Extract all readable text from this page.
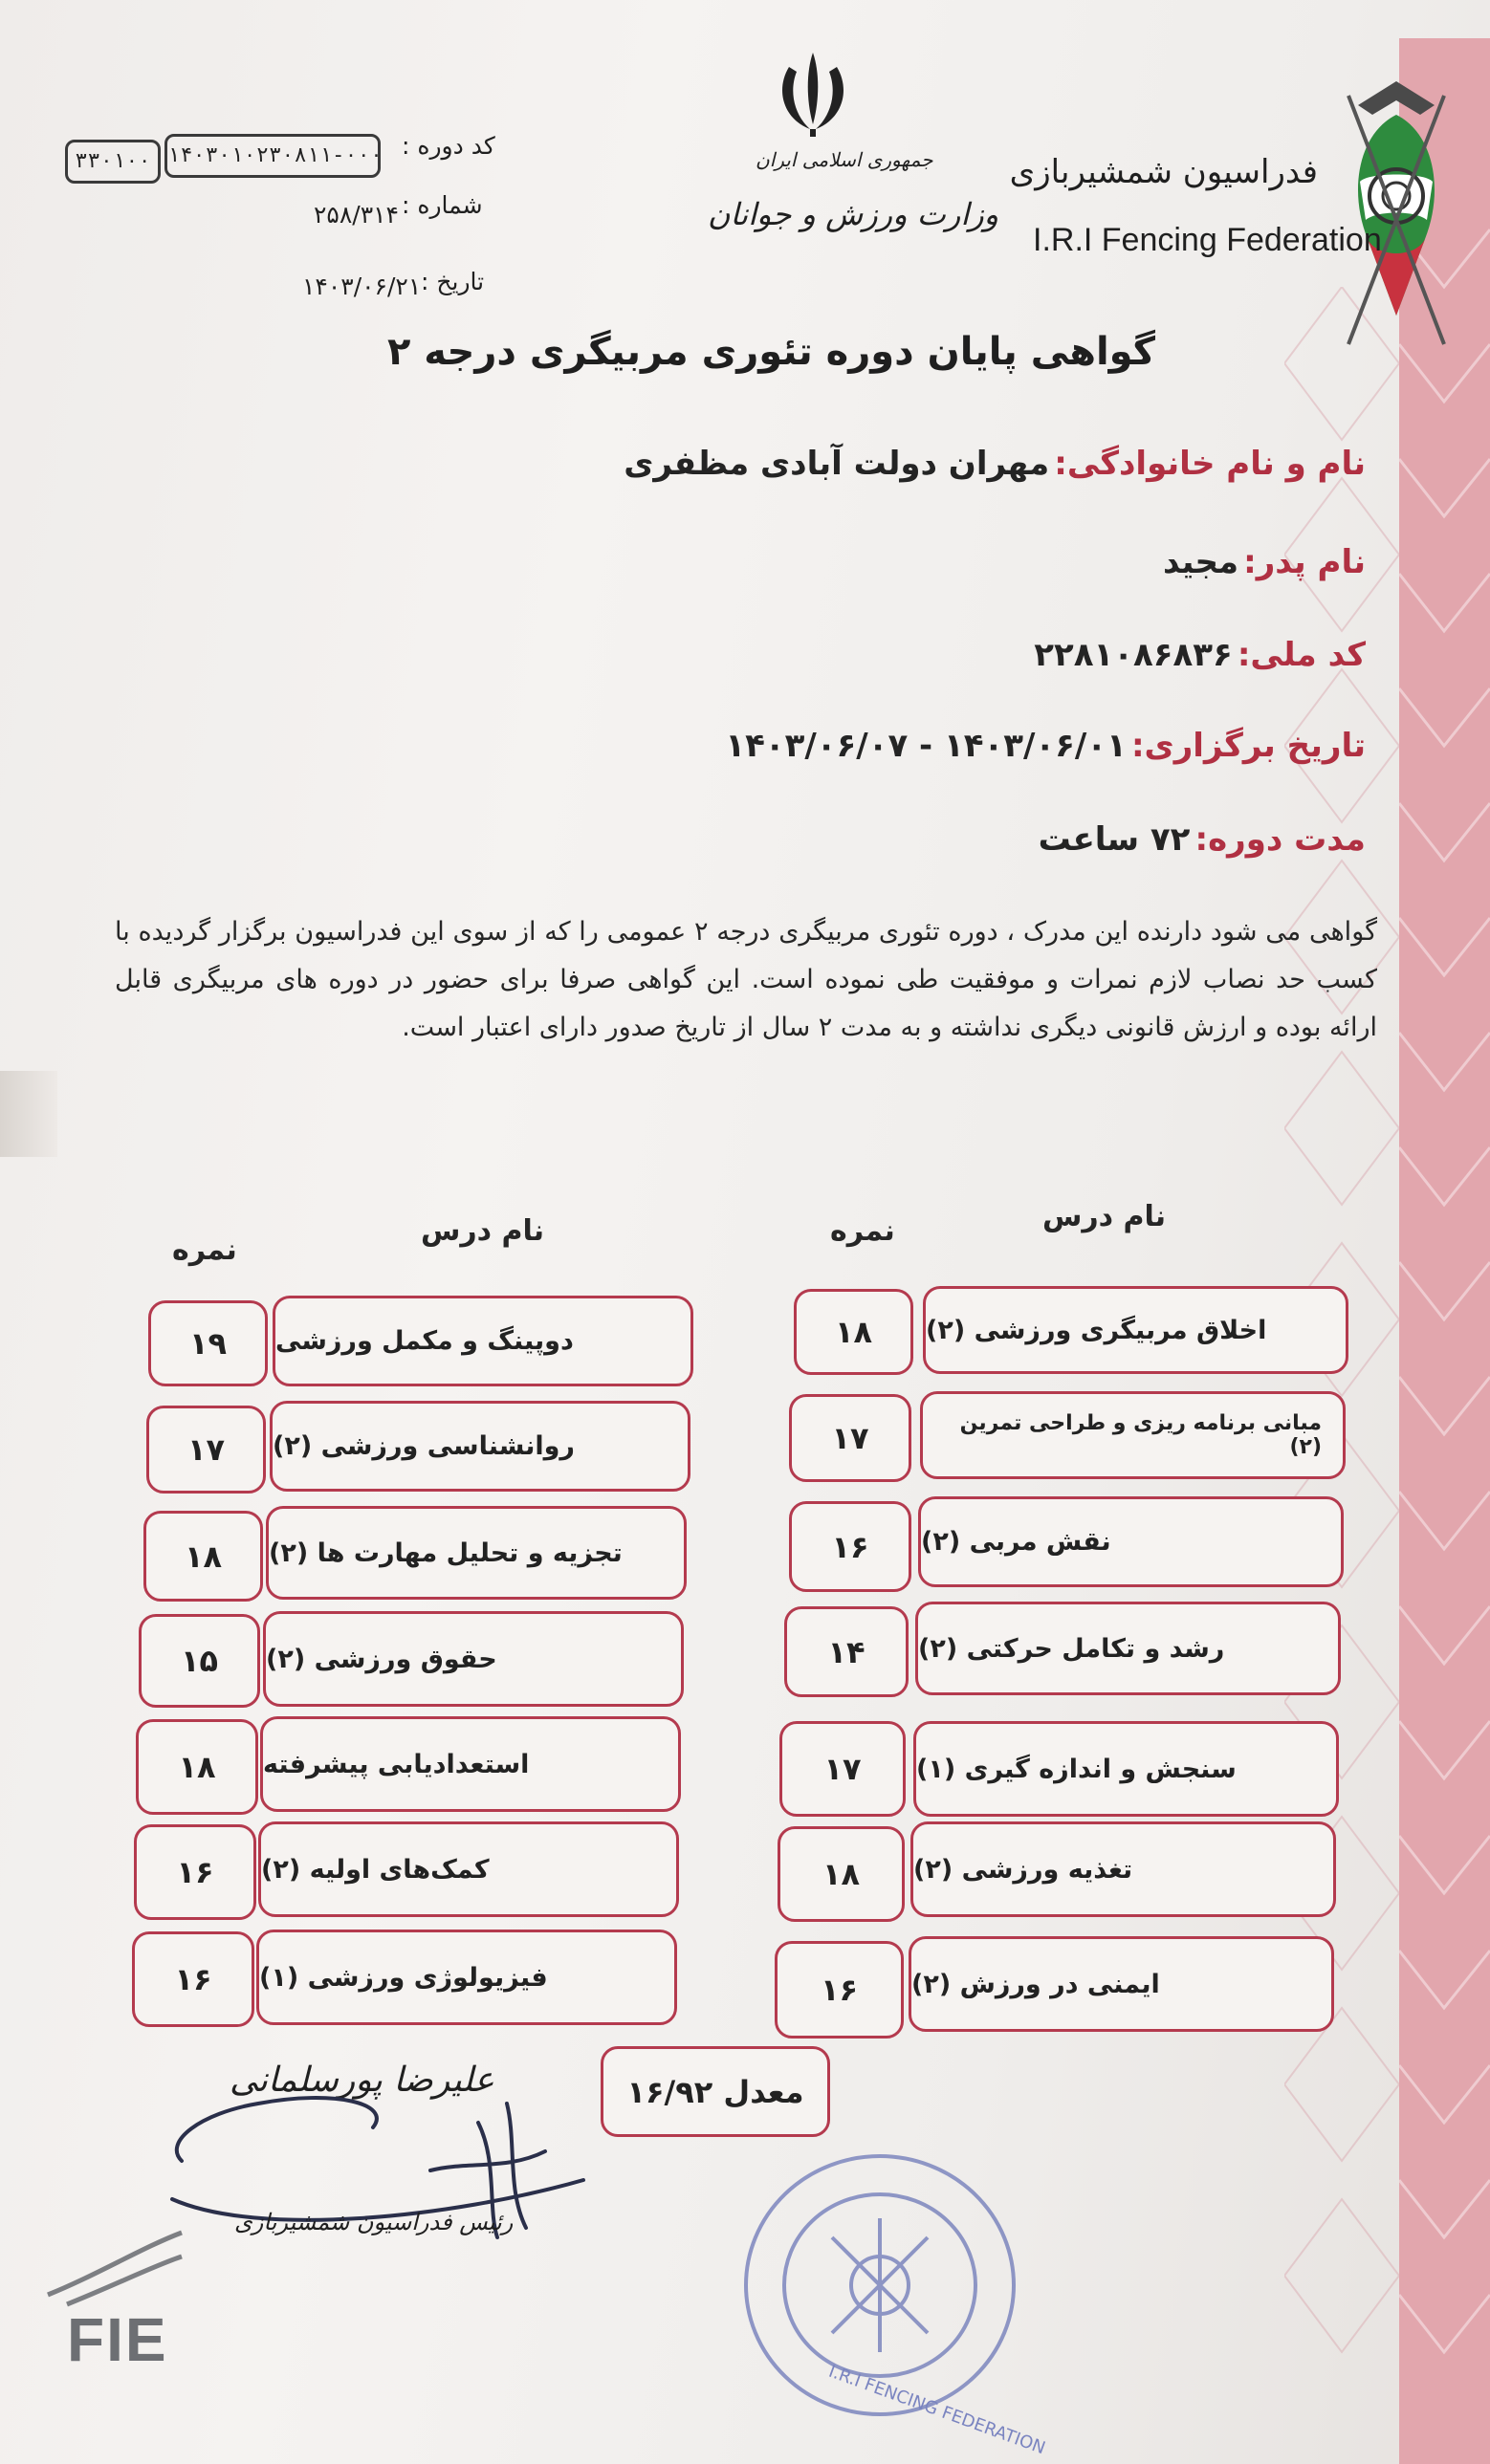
فدراسیون شمشیربازی
I.R.I Fencing Federation
جمهوری اسلامی ایران
وزارت ورزش و جوانان
کد دوره :
۱۴۰۳۰۱۰۲۳۰۸۱۱-۰۰۰
۳۳۰۱۰۰
شماره :
۲۵۸/۳۱۴
تاریخ :
۱۴۰۳/۰۶/۲۱
گواهی پایان دوره تئوری مربیگری درجه ۲
نام و نام خانوادگی: مهران دولت آبادی مظفری
نام پدر: مجید
کد ملی: ۲۲۸۱۰۸۶۸۳۶
تاریخ برگزاری: ۱۴۰۳/۰۶/۰۱ - ۱۴۰۳/۰۶/۰۷
مدت دوره: ۷۲ ساعت
گواهی می شود دارنده این مدرک ، دوره تئوری مربیگری درجه ۲ عمومی را که از سوی این فدراسیون برگزار گردیده با کسب حد نصاب لازم نمرات و موفقیت طی نموده است. این گواهی صرفا برای حضور در دوره های مربیگری قابل ارائه بوده و ارزش قانونی دیگری نداشته و به مدت ۲ سال از تاریخ صدور دارای اعتبار است.
نام درس
نمره
نام درس
نمره
اخلاق مربیگری ورزشی (۲)
۱۸
مبانی برنامه ریزی و طراحی تمرین (۲)
۱۷
نقش مربی (۲)
۱۶
رشد و تکامل حرکتی (۲)
۱۴
سنجش و اندازه گیری (۱)
۱۷
تغذیه ورزشی (۲)
۱۸
ایمنی در ورزش (۲)
۱۶
دوپینگ و مکمل ورزشی
۱۹
روانشناسی ورزشی (۲)
۱۷
تجزیه و تحلیل مهارت ها (۲)
۱۸
حقوق ورزشی (۲)
۱۵
استعدادیابی پیشرفته
۱۸
کمک‌های اولیه (۲)
۱۶
فیزیولوژی ورزشی (۱)
۱۶
معدل ۱۶/۹۲
علیرضا پورسلمانی
رئیس فدراسیون شمشیربازی
I.R.I FENCING FEDERATION
FIE
